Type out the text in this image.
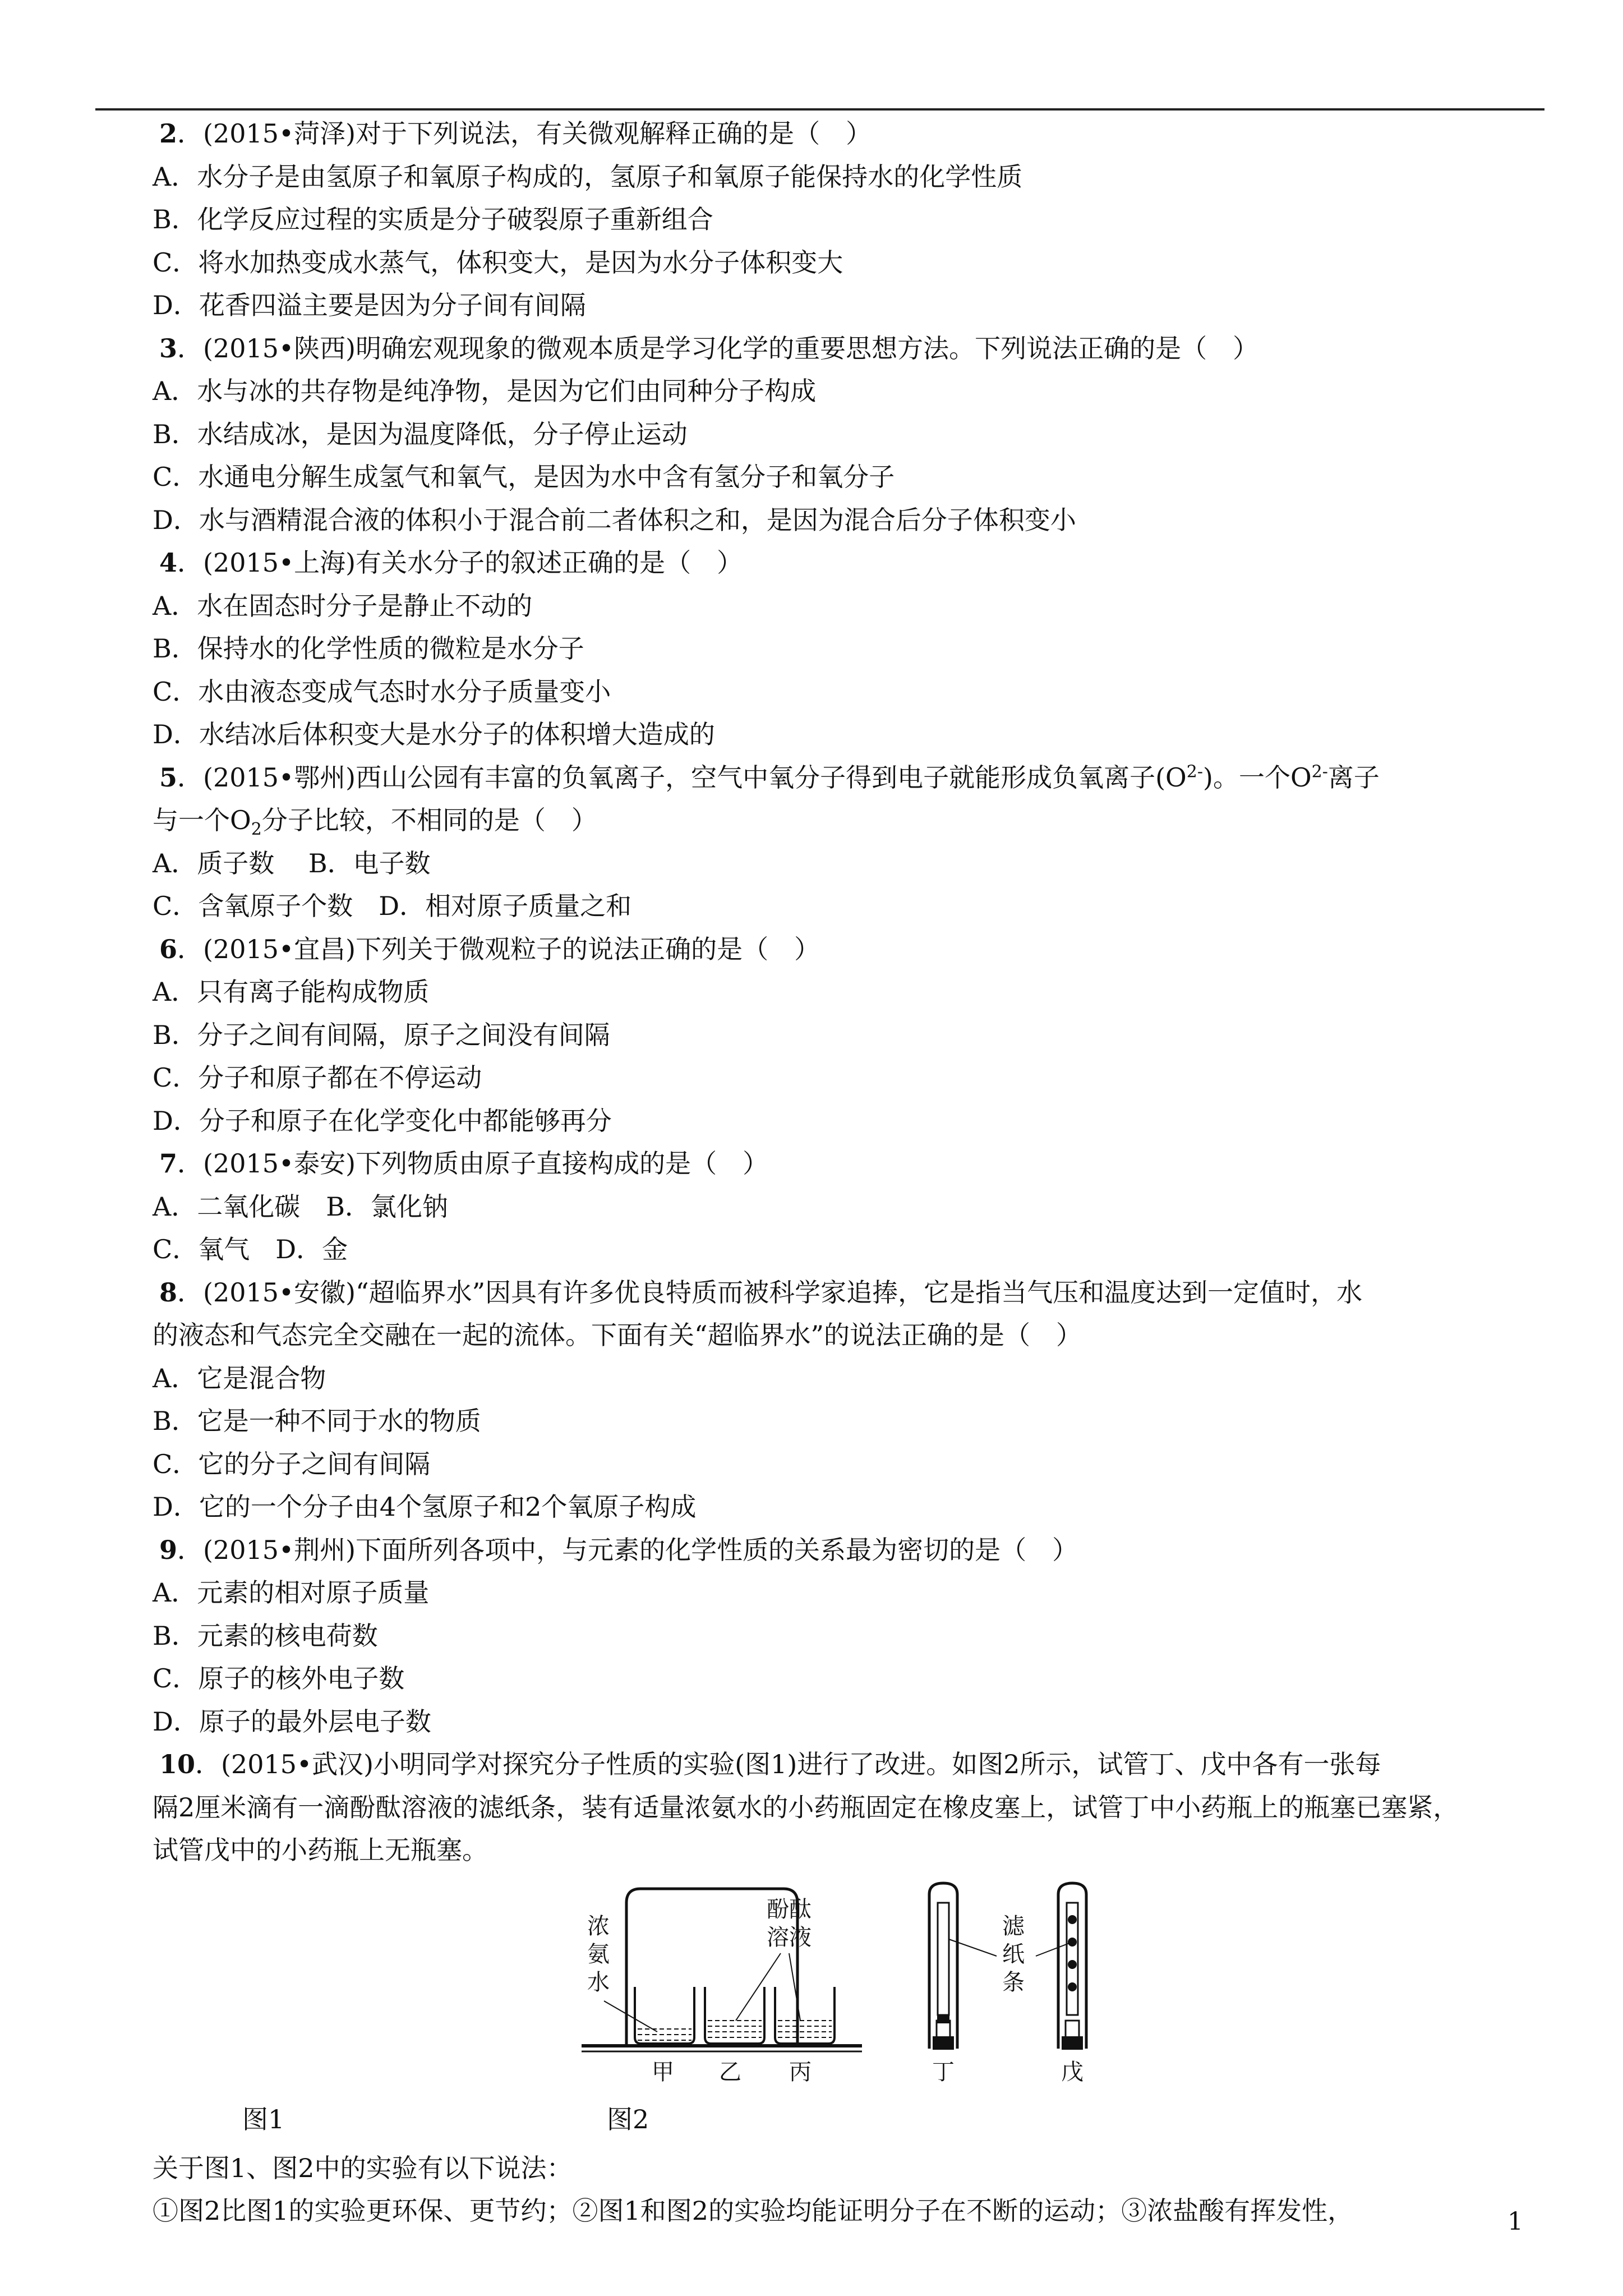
2．(2015•菏泽)对于下列说法，有关微观解释正确的是（　）
A．水分子是由氢原子和氧原子构成的，氢原子和氧原子能保持水的化学性质
B．化学反应过程的实质是分子破裂原子重新组合
C．将水加热变成水蒸气，体积变大，是因为水分子体积变大
D．花香四溢主要是因为分子间有间隔
3．(2015•陕西)明确宏观现象的微观本质是学习化学的重要思想方法。下列说法正确的是（　）
A．水与冰的共存物是纯净物，是因为它们由同种分子构成
B．水结成冰，是因为温度降低，分子停止运动
C．水通电分解生成氢气和氧气，是因为水中含有氢分子和氧分子
D．水与酒精混合液的体积小于混合前二者体积之和，是因为混合后分子体积变小
4．(2015•上海)有关水分子的叙述正确的是（　）
A．水在固态时分子是静止不动的
B．保持水的化学性质的微粒是水分子
C．水由液态变成气态时水分子质量变小
D．水结冰后体积变大是水分子的体积增大造成的
5．(2015•鄂州)西山公园有丰富的负氧离子，空气中氧分子得到电子就能形成负氧离子$(O^{2-})$。一个$O^{2-}$离子
与一个$O_2$分子比较，不相同的是（　）
A．质子数　 B．电子数
C．含氧原子个数　D．相对原子质量之和
6．(2015•宜昌)下列关于微观粒子的说法正确的是（　）
A．只有离子能构成物质
B．分子之间有间隔，原子之间没有间隔
C．分子和原子都在不停运动
D．分子和原子在化学变化中都能够再分
7．(2015•泰安)下列物质由原子直接构成的是（　）
A．二氧化碳　B．氯化钠
C．氧气　D．金
8．(2015•安徽)“超临界水”因具有许多优良特质而被科学家追捧，它是指当气压和温度达到一定值时，水
的液态和气态完全交融在一起的流体。下面有关“超临界水”的说法正确的是（　）
A．它是混合物
B．它是一种不同于水的物质
C．它的分子之间有间隔
D．它的一个分子由4个氢原子和2个氧原子构成
9．(2015•荆州)下面所列各项中，与元素的化学性质的关系最为密切的是（　）
A．元素的相对原子质量
B．元素的核电荷数
C．原子的核外电子数
D．原子的最外层电子数
10．(2015•武汉)小明同学对探究分子性质的实验(图1)进行了改进。如图2所示，试管丁、戊中各有一张每
隔2厘米滴有一滴酚酞溶液的滤纸条，装有适量浓氨水的小药瓶固定在橡皮塞上，试管丁中小药瓶上的瓶塞已塞紧，
试管戊中的小药瓶上无瓶塞。
浓
氨
水
酚酞
溶液
甲 乙 丙
滤
纸
条
丁	戊
图1	图2
关于图1、图2中的实验有以下说法：
①图2比图1的实验更环保、更节约；②图1和图2的实验均能证明分子在不断的运动；③浓盐酸有挥发性，	1
